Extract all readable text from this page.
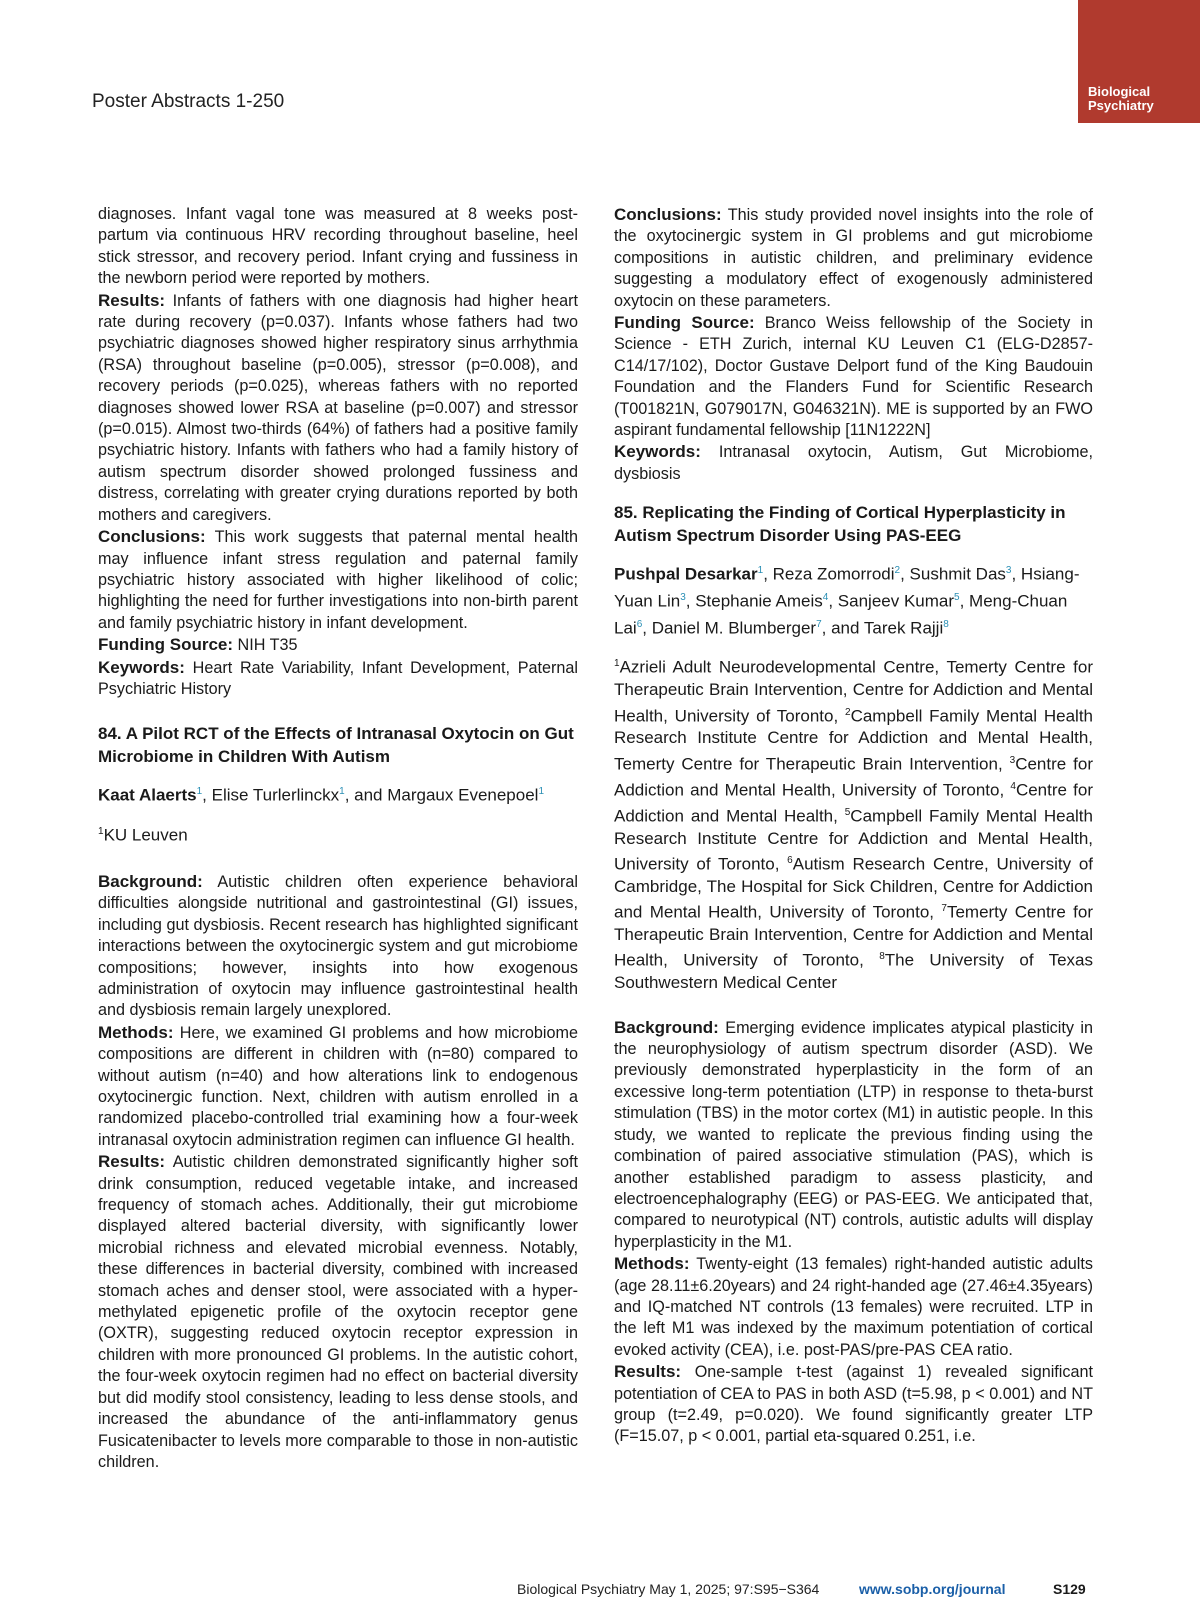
Poster Abstracts 1-250	Biological
Psychiatry

diagnoses. Infant vagal tone was measured at 8 weeks post-partum via continuous HRV recording throughout baseline, heel stick stressor, and recovery period. Infant crying and fussiness in the newborn period were reported by mothers.

Results: Infants of fathers with one diagnosis had higher heart rate during recovery (p=0.037). Infants whose fathers had two psychiatric diagnoses showed higher respiratory sinus arrhythmia (RSA) throughout baseline (p=0.005), stressor (p=0.008), and recovery periods (p=0.025), whereas fathers with no reported diagnoses showed lower RSA at baseline (p=0.007) and stressor (p=0.015). Almost two-thirds (64%) of fathers had a positive family psychiatric history. Infants with fathers who had a family history of autism spectrum disorder showed prolonged fussiness and distress, correlating with greater crying durations reported by both mothers and caregivers.

Conclusions: This work suggests that paternal mental health may influence infant stress regulation and paternal family psychiatric history associated with higher likelihood of colic; highlighting the need for further investigations into non-birth parent and family psychiatric history in infant development.

Funding Source: NIH T35

Keywords: Heart Rate Variability, Infant Development, Paternal Psychiatric History

84. A Pilot RCT of the Effects of Intranasal Oxytocin on Gut Microbiome in Children With Autism
Kaat Alaerts$^1$, Elise Turlerlinckx$^1$, and Margaux Evenepoel$^1$
$^1$KU Leuven

Background: Autistic children often experience behavioral difficulties alongside nutritional and gastrointestinal (GI) issues, including gut dysbiosis. Recent research has highlighted significant interactions between the oxytocinergic system and gut microbiome compositions; however, insights into how exogenous administration of oxytocin may influence gastrointestinal health and dysbiosis remain largely unexplored.

Methods: Here, we examined GI problems and how microbiome compositions are different in children with (n=80) compared to without autism (n=40) and how alterations link to endogenous oxytocinergic function. Next, children with autism enrolled in a randomized placebo-controlled trial examining how a four-week intranasal oxytocin administration regimen can influence GI health.

Results: Autistic children demonstrated significantly higher soft drink consumption, reduced vegetable intake, and increased frequency of stomach aches. Additionally, their gut microbiome displayed altered bacterial diversity, with significantly lower microbial richness and elevated microbial evenness. Notably, these differences in bacterial diversity, combined with increased stomach aches and denser stool, were associated with a hyper-methylated epigenetic profile of the oxytocin receptor gene (OXTR), suggesting reduced oxytocin receptor expression in children with more pronounced GI problems. In the autistic cohort, the four-week oxytocin regimen had no effect on bacterial diversity but did modify stool consistency, leading to less dense stools, and increased the abundance of the anti-inflammatory genus Fusicatenibacter to levels more comparable to those in non-autistic children.

Conclusions: This study provided novel insights into the role of the oxytocinergic system in GI problems and gut microbiome compositions in autistic children, and preliminary evidence suggesting a modulatory effect of exogenously administered oxytocin on these parameters.

Funding Source: Branco Weiss fellowship of the Society in Science - ETH Zurich, internal KU Leuven C1 (ELG-D2857-C14/17/102), Doctor Gustave Delport fund of the King Baudouin Foundation and the Flanders Fund for Scientific Research (T001821N, G079017N, G046321N). ME is supported by an FWO aspirant fundamental fellowship [11N1222N]

Keywords: Intranasal oxytocin, Autism, Gut Microbiome, dysbiosis

85. Replicating the Finding of Cortical Hyperplasticity in Autism Spectrum Disorder Using PAS-EEG
Pushpal Desarkar$^1$, Reza Zomorrodi$^2$, Sushmit Das$^3$, Hsiang-Yuan Lin$^3$, Stephanie Ameis$^4$, Sanjeev Kumar$^5$, Meng-Chuan Lai$^6$, Daniel M. Blumberger$^7$, and Tarek Rajji$^8$
$^1$Azrieli Adult Neurodevelopmental Centre, Temerty Centre for Therapeutic Brain Intervention, Centre for Addiction and Mental Health, University of Toronto, $^2$Campbell Family Mental Health Research Institute Centre for Addiction and Mental Health, Temerty Centre for Therapeutic Brain Intervention, $^3$Centre for Addiction and Mental Health, University of Toronto, $^4$Centre for Addiction and Mental Health, $^5$Campbell Family Mental Health Research Institute Centre for Addiction and Mental Health, University of Toronto, $^6$Autism Research Centre, University of Cambridge, The Hospital for Sick Children, Centre for Addiction and Mental Health, University of Toronto, $^7$Temerty Centre for Therapeutic Brain Intervention, Centre for Addiction and Mental Health, University of Toronto, $^8$The University of Texas Southwestern Medical Center

Background: Emerging evidence implicates atypical plasticity in the neurophysiology of autism spectrum disorder (ASD). We previously demonstrated hyperplasticity in the form of an excessive long-term potentiation (LTP) in response to theta-burst stimulation (TBS) in the motor cortex (M1) in autistic people. In this study, we wanted to replicate the previous finding using the combination of paired associative stimulation (PAS), which is another established paradigm to assess plasticity, and electroencephalography (EEG) or PAS-EEG. We anticipated that, compared to neurotypical (NT) controls, autistic adults will display hyperplasticity in the M1.

Methods: Twenty-eight (13 females) right-handed autistic adults (age 28.11±6.20years) and 24 right-handed age (27.46±4.35years) and IQ-matched NT controls (13 females) were recruited. LTP in the left M1 was indexed by the maximum potentiation of cortical evoked activity (CEA), i.e. post-PAS/pre-PAS CEA ratio.

Results: One-sample t-test (against 1) revealed significant potentiation of CEA to PAS in both ASD (t=5.98, p < 0.001) and NT group (t=2.49, p=0.020). We found significantly greater LTP (F=15.07, p < 0.001, partial eta-squared 0.251, i.e.

Biological Psychiatry May 1, 2025; 97:S95−S364	www.sobp.org/journal	S129
